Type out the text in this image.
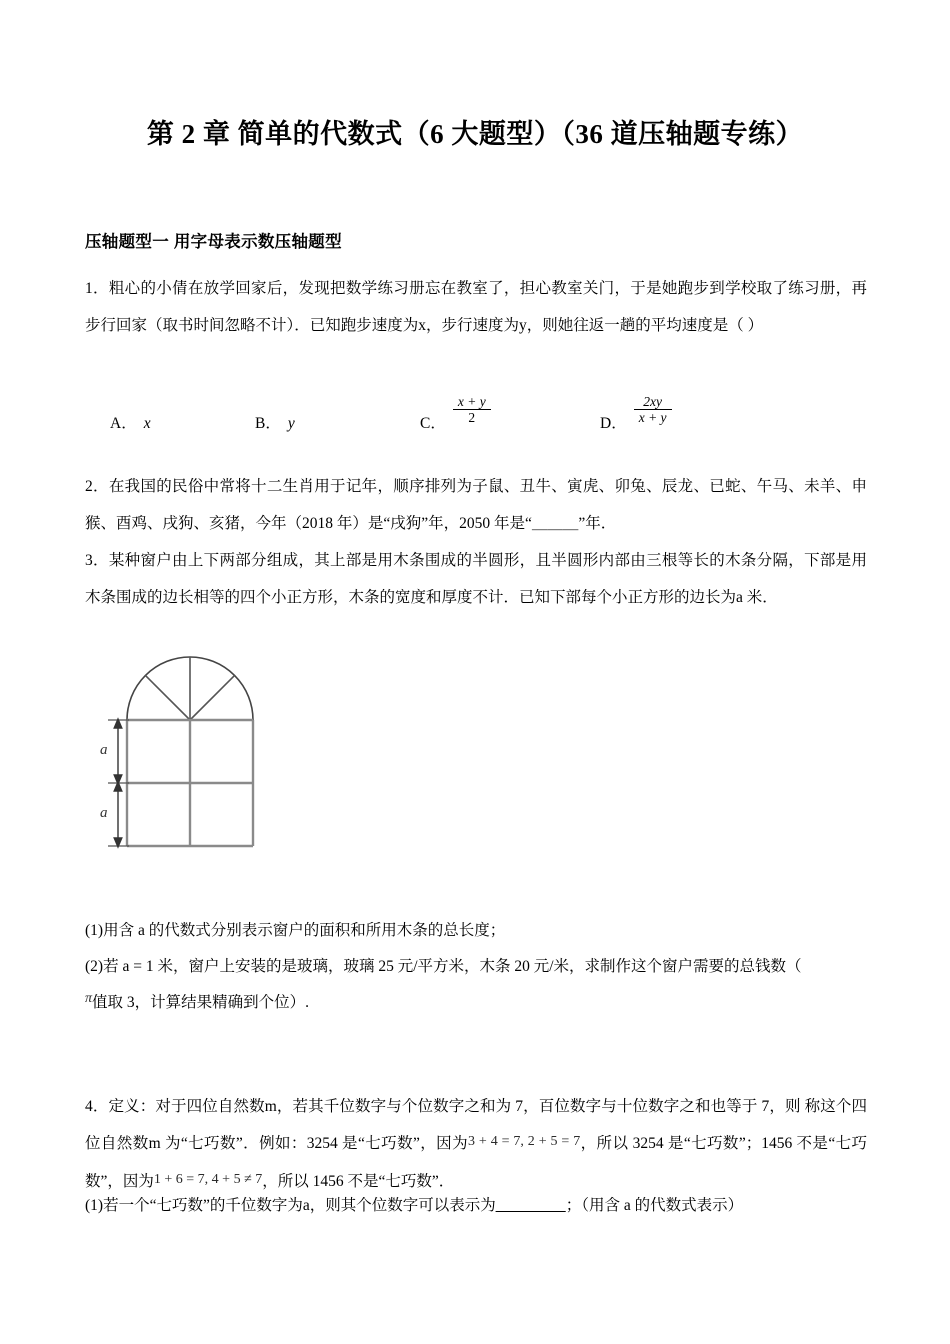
第 2 章 简单的代数式（6 大题型）（36 道压轴题专练）
压轴题型一 用字母表示数压轴题型
1．粗心的小倩在放学回家后，发现把数学练习册忘在教室了，担心教室关门，于是她跑步到学校取了练习册，再步行回家（取书时间忽略不计）．已知跑步速度为x，步行速度为y，则她往返一趟的平均速度是（ ）
A． x	B． y	C． $\frac{x + y}{2}$	D． $\frac{2xy}{x + y}$
2．在我国的民俗中常将十二生肖用于记年，顺序排列为子鼠、丑牛、寅虎、卯兔、辰龙、已蛇、午马、未羊、申猴、酉鸡、戌狗、亥猪，今年（2018 年）是“戌狗”年，2050 年是“＿＿＿”年．
3．某种窗户由上下两部分组成，其上部是用木条围成的半圆形，且半圆形内部由三根等长的木条分隔，下部是用木条围成的边长相等的四个小正方形，木条的宽度和厚度不计．已知下部每个小正方形的边长为a 米．
a
a
(1)用含 a 的代数式分别表示窗户的面积和所用木条的总长度；
(2)若 a = 1 米，窗户上安装的是玻璃，玻璃 25 元/平方米，木条 20 元/米，求制作这个窗户需要的总钱数（
π值取 3，计算结果精确到个位）.
4．定义：对于四位自然数m，若其千位数字与个位数字之和为 7，百位数字与十位数字之和也等于 7，则 称这个四位自然数m 为“七巧数”．例如：3254 是“七巧数”，因为3 + 4 = 7, 2 + 5 = 7，所以 3254 是“七巧数”；1456 不是“七巧数”，因为1 + 6 = 7, 4 + 5 ≠ 7，所以 1456 不是“七巧数”．
(1)若一个“七巧数”的千位数字为a，则其个位数字可以表示为________；（用含 a 的代数式表示）
